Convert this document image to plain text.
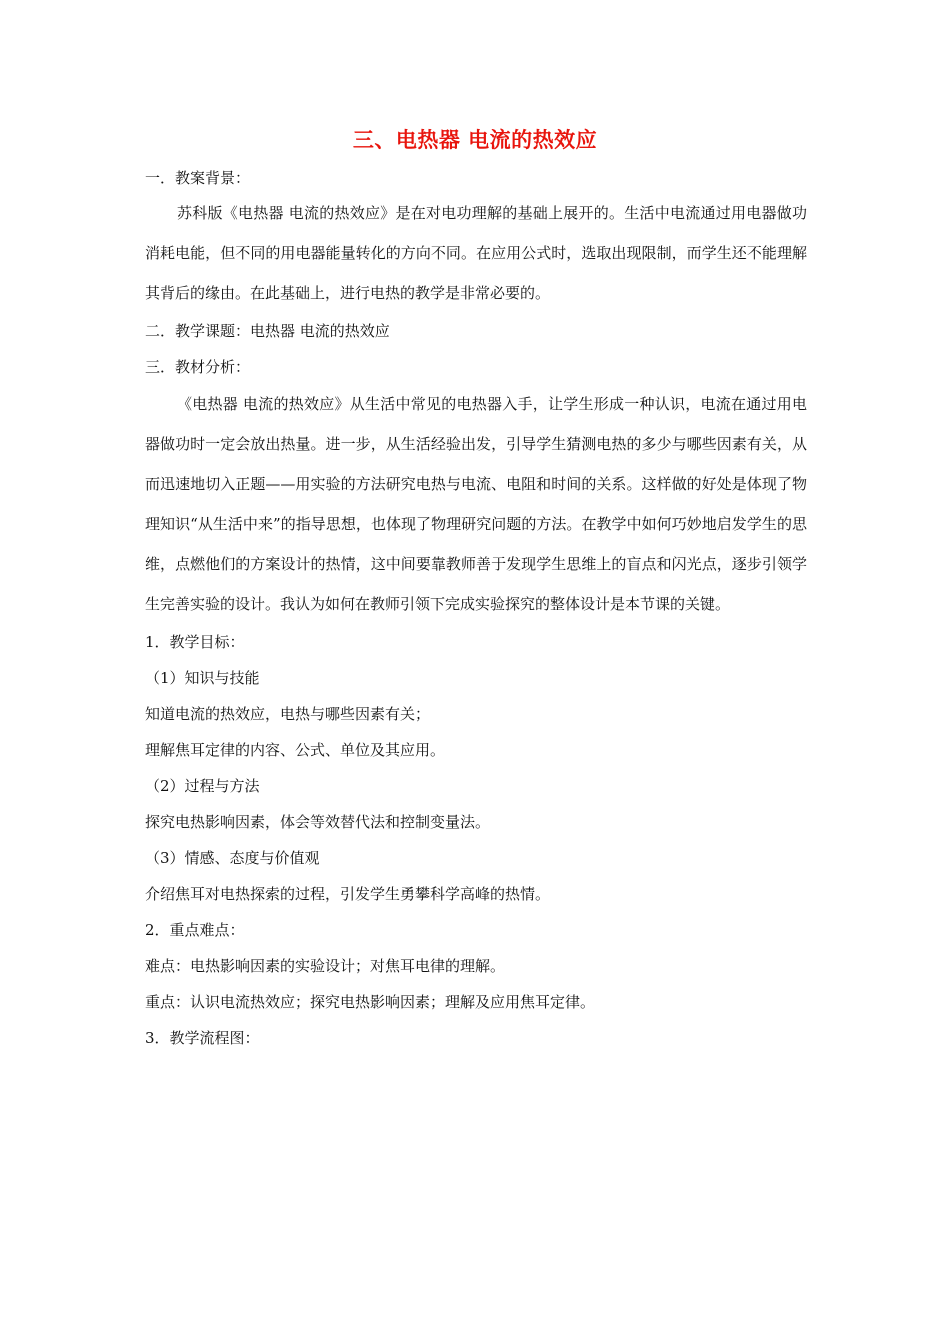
三、电热器 电流的热效应
一．教案背景：

苏科版《电热器 电流的热效应》是在对电功理解的基础上展开的。生活中电流通过用电器做功消耗电能，但不同的用电器能量转化的方向不同。在应用公式时，选取出现限制，而学生还不能理解其背后的缘由。在此基础上，进行电热的教学是非常必要的。

二．教学课题：电热器 电流的热效应
三．教材分析：

《电热器 电流的热效应》从生活中常见的电热器入手，让学生形成一种认识，电流在通过用电器做功时一定会放出热量。进一步，从生活经验出发，引导学生猜测电热的多少与哪些因素有关，从而迅速地切入正题——用实验的方法研究电热与电流、电阻和时间的关系。这样做的好处是体现了物理知识“从生活中来”的指导思想，也体现了物理研究问题的方法。在教学中如何巧妙地启发学生的思维，点燃他们的方案设计的热情，这中间要靠教师善于发现学生思维上的盲点和闪光点，逐步引领学生完善实验的设计。我认为如何在教师引领下完成实验探究的整体设计是本节课的关键。

1．教学目标：
（1）知识与技能
知道电流的热效应，电热与哪些因素有关；
理解焦耳定律的内容、公式、单位及其应用。
（2）过程与方法
探究电热影响因素，体会等效替代法和控制变量法。
（3）情感、态度与价值观
介绍焦耳对电热探索的过程，引发学生勇攀科学高峰的热情。
2．重点难点：
难点：电热影响因素的实验设计；对焦耳电律的理解。
重点：认识电流热效应；探究电热影响因素；理解及应用焦耳定律。
3．教学流程图：
